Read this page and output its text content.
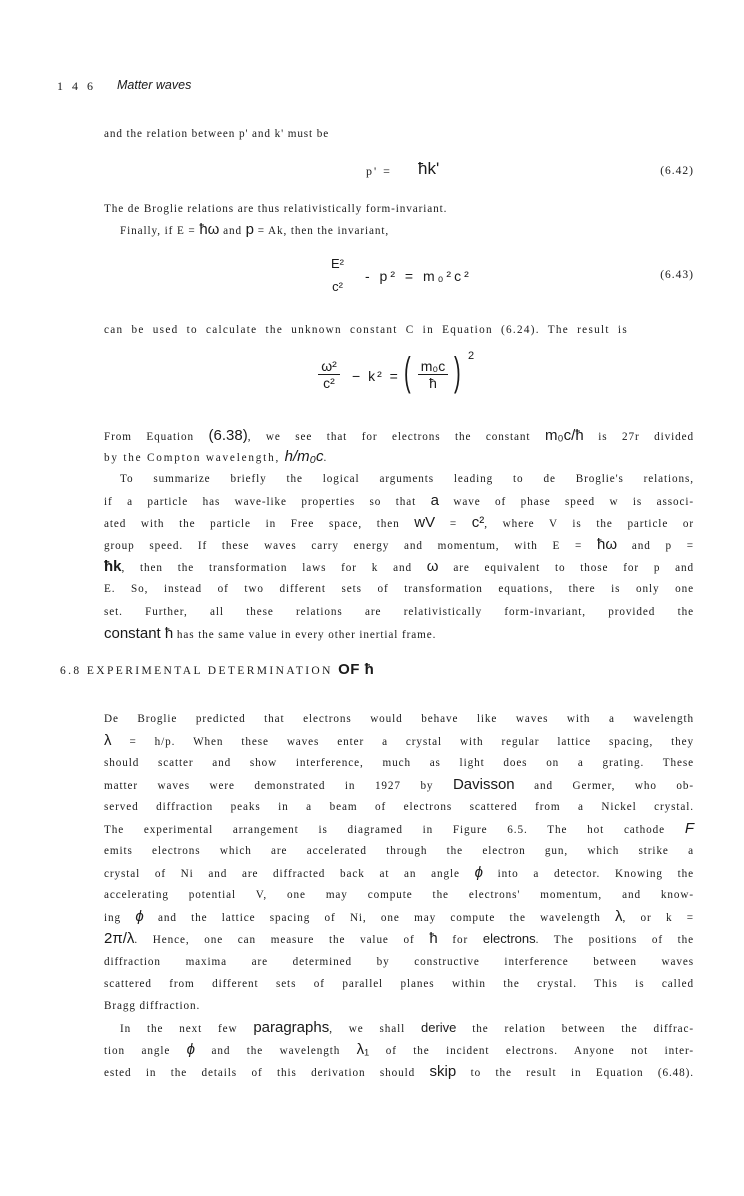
1 4 6 Matter waves
and the relation between p' and k' must be
p' = ħk'	(6.42)
The de Broglie relations are thus relativistically form-invariant.
Finally, if E = ħω and p = Ak, then the invariant,
E²
c²
- p² = m₀²c²	(6.43)
can be used to calculate the unknown constant C in Equation (6.24). The result is
ω²
c²	− k² = ( m₀c
ħ ) 2
From Equation (6.38), we see that for electrons the constant m₀c/ħ is 27r divided
by the Compton wavelength, h/m₀c.
To summarize briefly the logical arguments leading to de Broglie's relations,
if a particle has wave-like properties so that a wave of phase speed w is associ-
ated with the particle in Free space, then wV = c², where V is the particle or
group speed. If these waves carry energy and momentum, with E = ħω and p =
ħk, then the transformation laws for k and ω are equivalent to those for p and
E. So, instead of two different sets of transformation equations, there is only one
set. Further, all these relations are relativistically form-invariant, provided the
constant ħ has the same value in every other inertial frame.
6.8 EXPERIMENTAL DETERMINATION OF ħ
De Broglie predicted that electrons would behave like waves with a wavelength
λ = h/p. When these waves enter a crystal with regular lattice spacing, they
should scatter and show interference, much as light does on a grating. These
matter waves were demonstrated in 1927 by Davisson and Germer, who ob-
served diffraction peaks in a beam of electrons scattered from a Nickel crystal.
The experimental arrangement is diagramed in Figure 6.5. The hot cathode F
emits electrons which are accelerated through the electron gun, which strike a
crystal of Ni and are diffracted back at an angle ϕ into a detector. Knowing the
accelerating potential V, one may compute the electrons' momentum, and know-
ing ϕ and the lattice spacing of Ni, one may compute the wavelength λ, or k =
2π/λ. Hence, one can measure the value of ħ for electrons. The positions of the
diffraction maxima are determined by constructive interference between waves
scattered from different sets of parallel planes within the crystal. This is called
Bragg diffraction.
In the next few paragraphs, we shall derive the relation between the diffrac-
tion angle ϕ and the wavelength λ₁ of the incident electrons. Anyone not inter-
ested in the details of this derivation should skip to the result in Equation (6.48).
